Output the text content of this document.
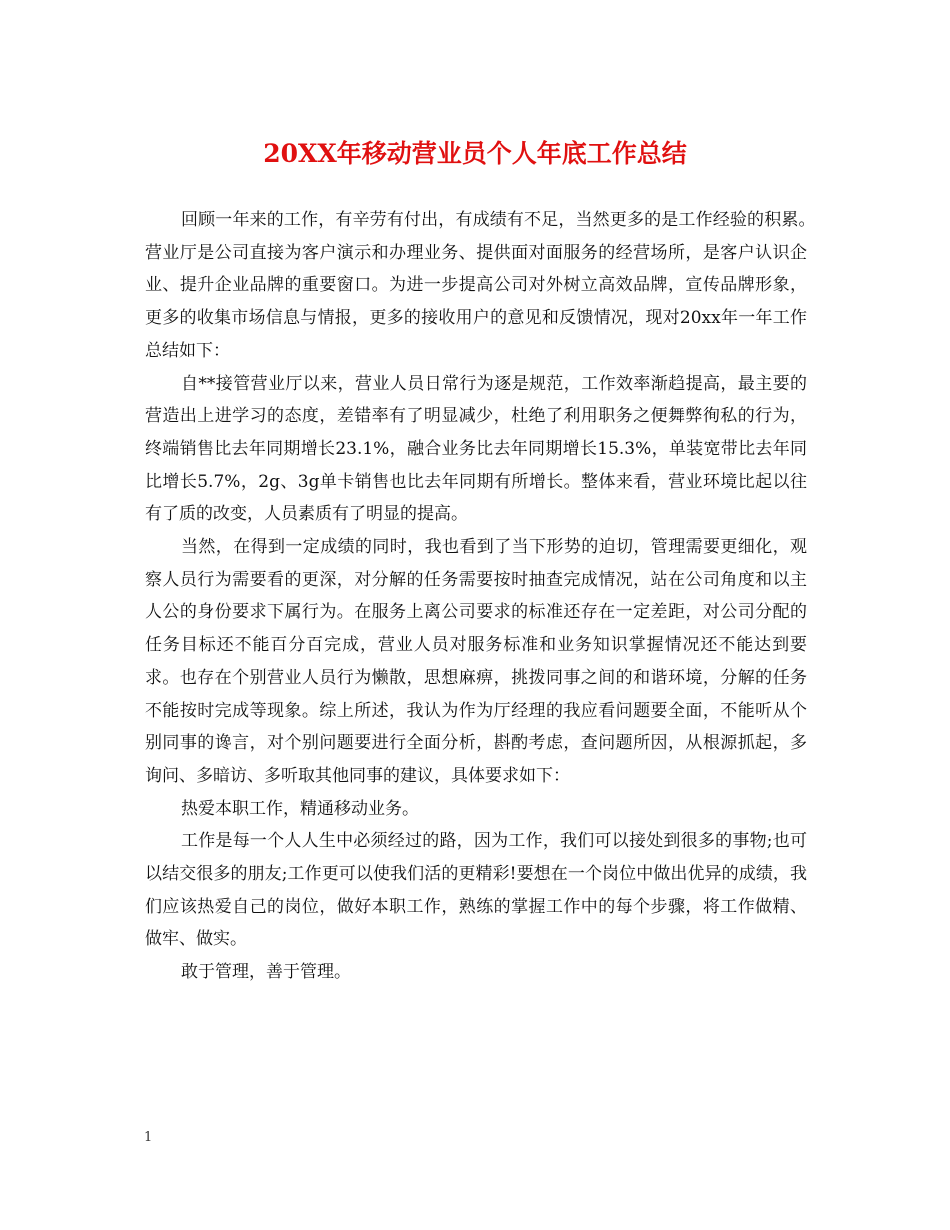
20XX年移动营业员个人年底工作总结

回顾一年来的工作，有辛劳有付出，有成绩有不足，当然更多的是工作经验的积累。　营业厅是公司直接为客户演示和办理业务、提供面对面服务的经营场所，是客户认识企业、提升企业品牌的重要窗口。为进一步提高公司对外树立高效品牌，宣传品牌形象，更多的收集市场信息与情报，更多的接收用户的意见和反馈情况，现对20xx年一年工作总结如下：

自**接管营业厅以来，营业人员日常行为逐是规范，工作效率渐趋提高，最主要的营造出上进学习的态度，差错率有了明显减少，杜绝了利用职务之便舞弊徇私的行为，终端销售比去年同期增长23.1%，融合业务比去年同期增长15.3%，单装宽带比去年同比增长5.7%，2g、3g单卡销售也比去年同期有所增长。整体来看，营业环境比起以往有了质的改变，人员素质有了明显的提高。

当然，在得到一定成绩的同时，我也看到了当下形势的迫切，管理需要更细化，观察人员行为需要看的更深，对分解的任务需要按时抽查完成情况，站在公司角度和以主人公的身份要求下属行为。在服务上离公司要求的标准还存在一定差距，对公司分配的任务目标还不能百分百完成，营业人员对服务标准和业务知识掌握情况还不能达到要求。也存在个别营业人员行为懒散，思想麻痹，挑拨同事之间的和谐环境，分解的任务不能按时完成等现象。综上所述，我认为作为厅经理的我应看问题要全面，不能听从个别同事的谗言，对个别问题要进行全面分析，斟酌考虑，查问题所因，从根源抓起，多询问、多暗访、多听取其他同事的建议，具体要求如下：

热爱本职工作，精通移动业务。

工作是每一个人人生中必须经过的路，因为工作，我们可以接处到很多的事物;也可以结交很多的朋友;工作更可以使我们活的更精彩!要想在一个岗位中做出优异的成绩，我们应该热爱自己的岗位，做好本职工作，熟练的掌握工作中的每个步骤，将工作做精、做牢、做实。

敢于管理，善于管理。

1
